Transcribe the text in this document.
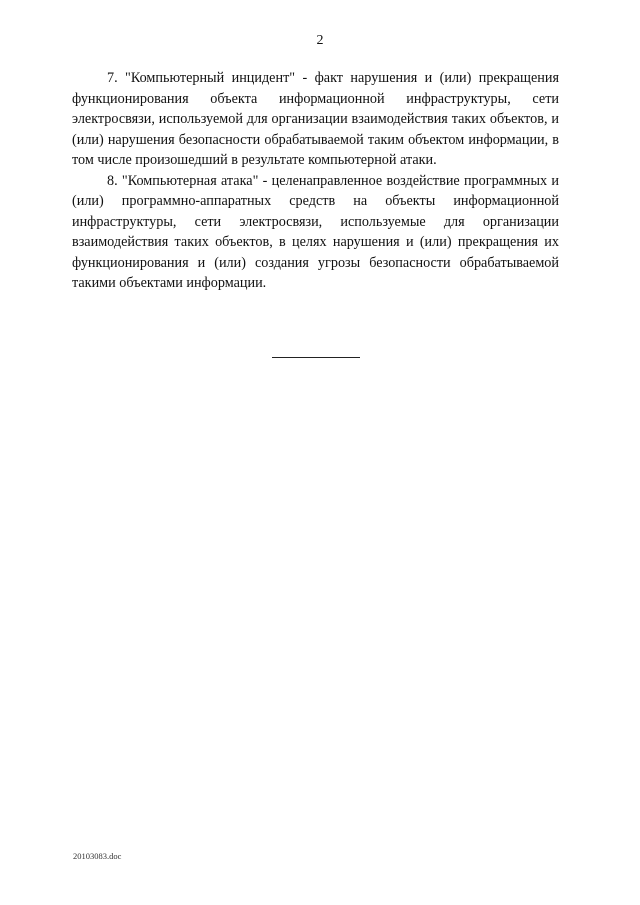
2

7. "Компьютерный инцидент" - факт нарушения и (или) прекращения функционирования объекта информационной инфраструктуры, сети электросвязи, используемой для организации взаимодействия таких объектов, и (или) нарушения безопасности обрабатываемой таким объектом информации, в том числе произошедший в результате компьютерной атаки.

8. "Компьютерная атака" - целенаправленное воздействие программных и (или) программно-аппаратных средств на объекты информационной инфраструктуры, сети электросвязи, используемые для организации взаимодействия таких объектов, в целях нарушения и (или) прекращения их функционирования и (или) создания угрозы безопасности обрабатываемой такими объектами информации.

20103083.doc
